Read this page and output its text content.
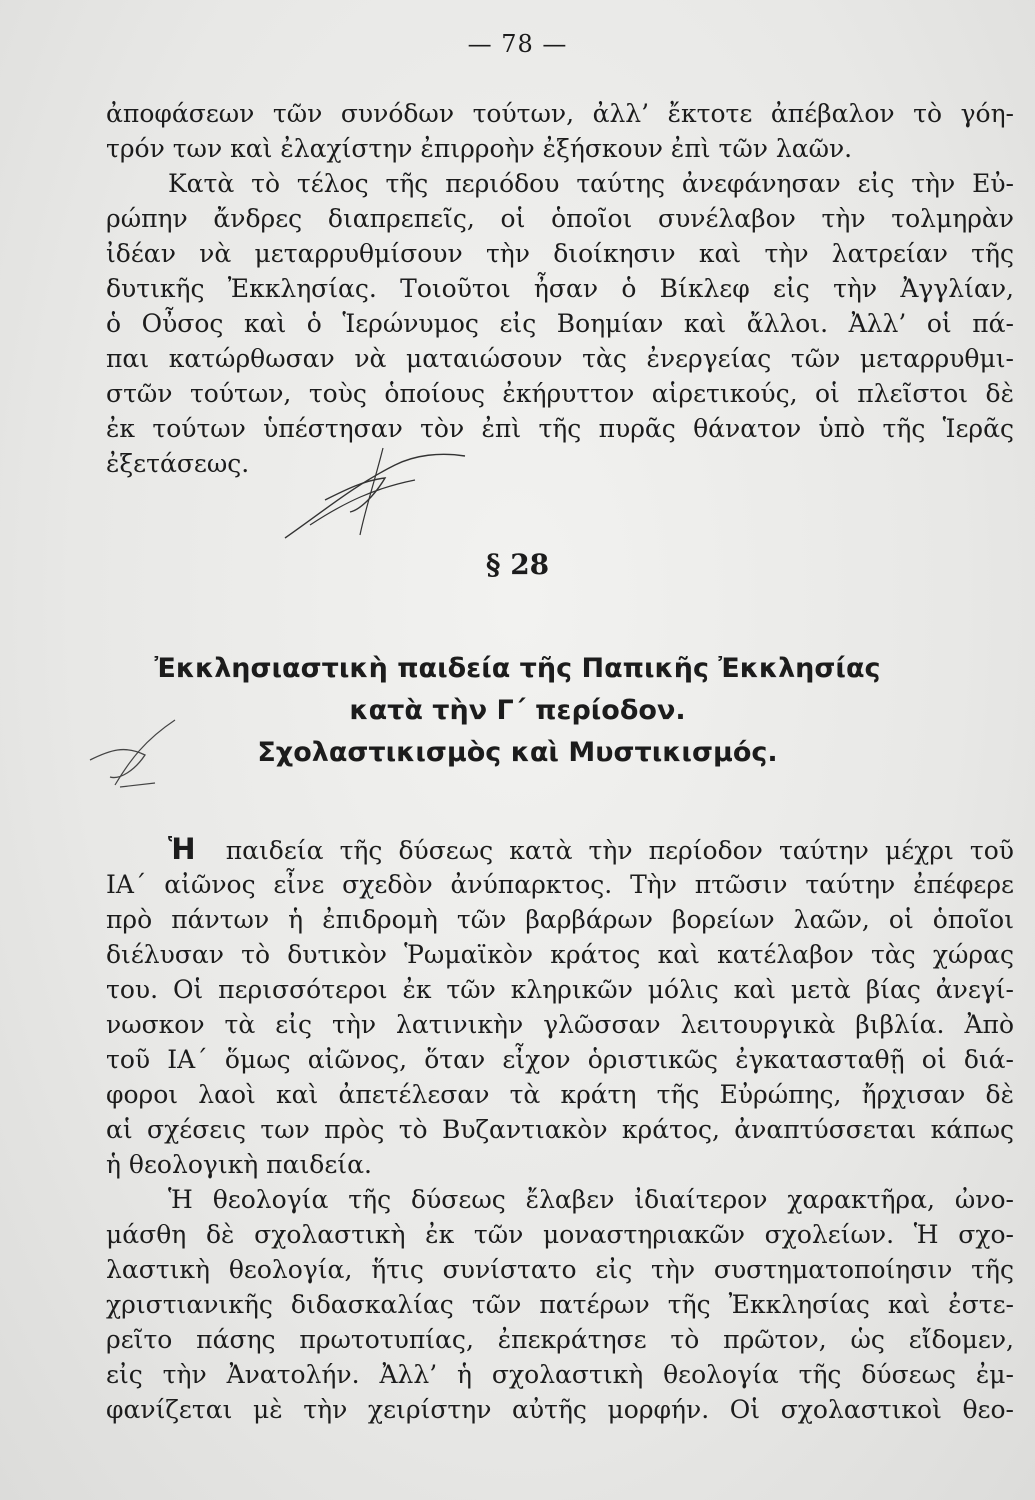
— 78 —
ἀποφάσεων τῶν συνόδων τούτων, ἀλλ’ ἔκτοτε ἀπέβαλον τὸ γόη-
τρόν των καὶ ἐλαχίστην ἐπιρροὴν ἐξήσκουν ἐπὶ τῶν λαῶν.
Κατὰ τὸ τέλος τῆς περιόδου ταύτης ἀνεφάνησαν εἰς τὴν Εὐ-
ρώπην ἄνδρες διαπρεπεῖς, οἱ ὁποῖοι συνέλαβον τὴν τολμηρὰν
ἰδέαν νὰ μεταρρυθμίσουν τὴν διοίκησιν καὶ τὴν λατρείαν τῆς
δυτικῆς Ἐκκλησίας. Τοιοῦτοι ἦσαν ὁ Βίκλεφ εἰς τὴν Ἀγγλίαν,
ὁ Οὖσος καὶ ὁ Ἱερώνυμος εἰς Βοημίαν καὶ ἄλλοι. Ἀλλ’ οἱ πά-
παι κατώρθωσαν νὰ ματαιώσουν τὰς ἐνεργείας τῶν μεταρρυθμι-
στῶν τούτων, τοὺς ὁποίους ἐκήρυττον αἱρετικούς, οἱ πλεῖστοι δὲ
ἐκ τούτων ὑπέστησαν τὸν ἐπὶ τῆς πυρᾶς θάνατον ὑπὸ τῆς Ἱερᾶς
ἐξετάσεως.
§ 28
Ἐκκλησιαστικὴ παιδεία τῆς Παπικῆς Ἐκκλησίας
κατὰ τὴν Γ΄ περίοδον.
Σχολαστικισμὸς καὶ Μυστικισμός.
Ἡ παιδεία τῆς δύσεως κατὰ τὴν περίοδον ταύτην μέχρι τοῦ
ΙΑ΄ αἰῶνος εἶνε σχεδὸν ἀνύπαρκτος. Τὴν πτῶσιν ταύτην ἐπέφερε
πρὸ πάντων ἡ ἐπιδρομὴ τῶν βαρβάρων βορείων λαῶν, οἱ ὁποῖοι
διέλυσαν τὸ δυτικὸν Ῥωμαϊκὸν κράτος καὶ κατέλαβον τὰς χώρας
του. Οἱ περισσότεροι ἐκ τῶν κληρικῶν μόλις καὶ μετὰ βίας ἀνεγί-
νωσκον τὰ εἰς τὴν λατινικὴν γλῶσσαν λειτουργικὰ βιβλία. Ἀπὸ
τοῦ ΙΑ΄ ὅμως αἰῶνος, ὅταν εἶχον ὁριστικῶς ἐγκατασταθῇ οἱ διά-
φοροι λαοὶ καὶ ἀπετέλεσαν τὰ κράτη τῆς Εὐρώπης, ἤρχισαν δὲ
αἱ σχέσεις των πρὸς τὸ Βυζαντιακὸν κράτος, ἀναπτύσσεται κάπως
ἡ θεολογικὴ παιδεία.
Ἡ θεολογία τῆς δύσεως ἔλαβεν ἰδιαίτερον χαρακτῆρα, ὠνο-
μάσθη δὲ σχολαστικὴ ἐκ τῶν μοναστηριακῶν σχολείων. Ἡ σχο-
λαστικὴ θεολογία, ἥτις συνίστατο εἰς τὴν συστηματοποίησιν τῆς
χριστιανικῆς διδασκαλίας τῶν πατέρων τῆς Ἐκκλησίας καὶ ἐστε-
ρεῖτο πάσης πρωτοτυπίας, ἐπεκράτησε τὸ πρῶτον, ὡς εἴδομεν,
εἰς τὴν Ἀνατολήν. Ἀλλ’ ἡ σχολαστικὴ θεολογία τῆς δύσεως ἐμ-
φανίζεται μὲ τὴν χειρίστην αὐτῆς μορφήν. Οἱ σχολαστικοὶ θεο-
